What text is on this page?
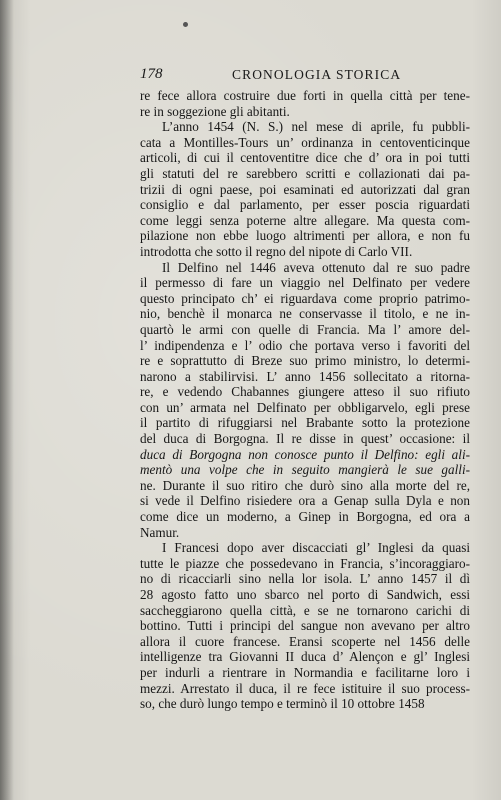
178	CRONOLOGIA STORICA
re fece allora costruire due forti in quella città per tene-
re in soggezione gli abitanti.
L’anno 1454 (N. S.) nel mese di aprile, fu pubbli-
cata a Montilles-Tours un’ ordinanza in centoventicinque
articoli, di cui il centoventitre dice che d’ ora in poi tutti
gli statuti del re sarebbero scritti e collazionati dai pa-
trizii di ogni paese, poi esaminati ed autorizzati dal gran
consiglio e dal parlamento, per esser poscia riguardati
come leggi senza poterne altre allegare. Ma questa com-
pilazione non ebbe luogo altrimenti per allora, e non fu
introdotta che sotto il regno del nipote di Carlo VII.
Il Delfino nel 1446 aveva ottenuto dal re suo padre
il permesso di fare un viaggio nel Delfinato per vedere
questo principato ch’ ei riguardava come proprio patrimo-
nio, benchè il monarca ne conservasse il titolo, e ne in-
quartò le armi con quelle di Francia. Ma l’ amore del-
l’ indipendenza e l’ odio che portava verso i favoriti del
re e soprattutto di Breze suo primo ministro, lo determi-
narono a stabilirvisi. L’ anno 1456 sollecitato a ritorna-
re, e vedendo Chabannes giungere atteso il suo rifiuto
con un’ armata nel Delfinato per obbligarvelo, egli prese
il partito di rifuggiarsi nel Brabante sotto la protezione
del duca di Borgogna. Il re disse in quest’ occasione: il
duca di Borgogna non conosce punto il Delfino: egli ali-
mentò una volpe che in seguito mangierà le sue galli-
ne. Durante il suo ritiro che durò sino alla morte del re,
si vede il Delfino risiedere ora a Genap sulla Dyla e non
come dice un moderno, a Ginep in Borgogna, ed ora a
Namur.
I Francesi dopo aver discacciati gl’ Inglesi da quasi
tutte le piazze che possedevano in Francia, s’incoraggiaro-
no di ricacciarli sino nella lor isola. L’ anno 1457 il dì
28 agosto fatto uno sbarco nel porto di Sandwich, essi
saccheggiarono quella città, e se ne tornarono carichi di
bottino. Tutti i principi del sangue non avevano per altro
allora il cuore francese. Eransi scoperte nel 1456 delle
intelligenze tra Giovanni II duca d’ Alençon e gl’ Inglesi
per indurli a rientrare in Normandia e facilitarne loro i
mezzi. Arrestato il duca, il re fece istituire il suo process-
so, che durò lungo tempo e terminò il 10 ottobre 1458
